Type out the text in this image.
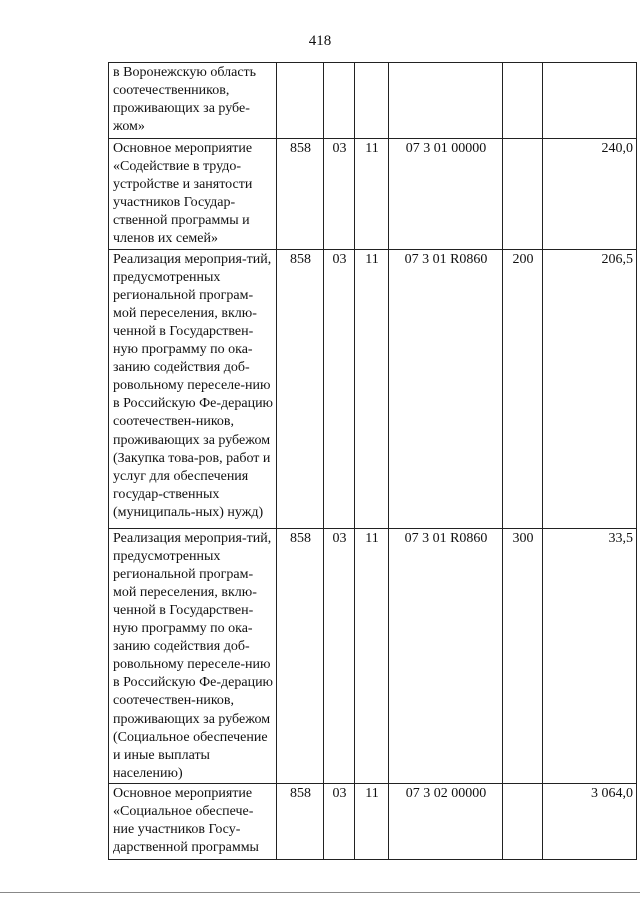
418
в Воронежскую область соотечественников, проживающих за рубе-жом»						
Основное мероприятие «Содействие в трудо-устройстве и занятости участников Государ-ственной программы и членов их семей»	858	03	11	07 3 01 00000		240,0
Реализация мероприя-тий, предусмотренных региональной програм-мой переселения, вклю-ченной в Государствен-ную программу по ока-занию содействия доб-ровольному переселе-нию в Российскую Фе-дерацию соотечествен-ников, проживающих за рубежом (Закупка това-ров, работ и услуг для обеспечения государ-ственных (муниципаль-ных) нужд)	858	03	11	07 3 01 R0860	200	206,5
Реализация мероприя-тий, предусмотренных региональной програм-мой переселения, вклю-ченной в Государствен-ную программу по ока-занию содействия доб-ровольному переселе-нию в Российскую Фе-дерацию соотечествен-ников, проживающих за рубежом (Социальное обеспечение и иные выплаты населению)	858	03	11	07 3 01 R0860	300	33,5
Основное мероприятие «Социальное обеспече-ние участников Госу-дарственной программы	858	03	11	07 3 02 00000		3 064,0
